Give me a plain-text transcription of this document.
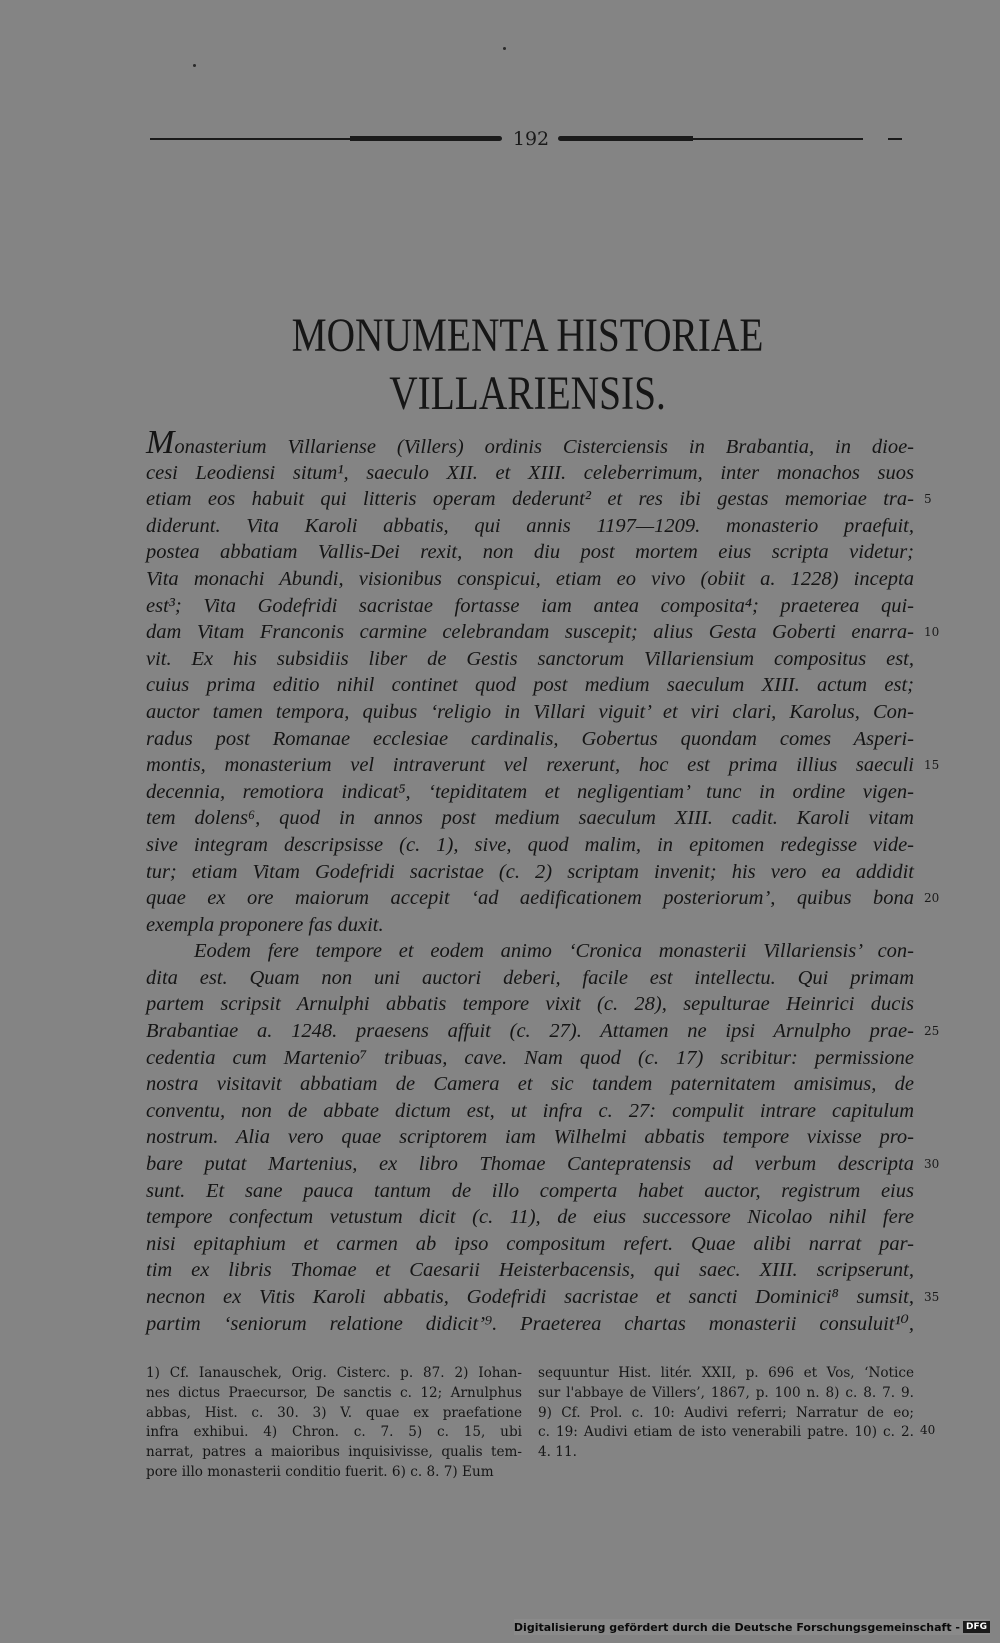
192
MONUMENTA HISTORIAE
VILLARIENSIS.
Monasterium Villariense (Villers) ordinis Cisterciensis in Brabantia, in dioe-
cesi Leodiensi situm¹, saeculo XII. et XIII. celeberrimum, inter monachos suos
etiam eos habuit qui litteris operam dederunt² et res ibi gestas memoriae tra- 5
diderunt. Vita Karoli abbatis, qui annis 1197—1209. monasterio praefuit,
postea abbatiam Vallis-Dei rexit, non diu post mortem eius scripta videtur;
Vita monachi Abundi, visionibus conspicui, etiam eo vivo (obiit a. 1228) incepta
est³; Vita Godefridi sacristae fortasse iam antea composita⁴; praeterea qui-
dam Vitam Franconis carmine celebrandam suscepit; alius Gesta Goberti enarra- 10
vit. Ex his subsidiis liber de Gestis sanctorum Villariensium compositus est,
cuius prima editio nihil continet quod post medium saeculum XIII. actum est;
auctor tamen tempora, quibus ‘religio in Villari viguit’ et viri clari, Karolus, Con-
radus post Romanae ecclesiae cardinalis, Gobertus quondam comes Asperi-
montis, monasterium vel intraverunt vel rexerunt, hoc est prima illius saeculi 15
decennia, remotiora indicat⁵, ‘tepiditatem et negligentiam’ tunc in ordine vigen-
tem dolens⁶, quod in annos post medium saeculum XIII. cadit. Karoli vitam
sive integram descripsisse (c. 1), sive, quod malim, in epitomen redegisse vide-
tur; etiam Vitam Godefridi sacristae (c. 2) scriptam invenit; his vero ea addidit
quae ex ore maiorum accepit ‘ad aedificationem posteriorum’, quibus bona 20
exempla proponere fas duxit.
Eodem fere tempore et eodem animo ‘Cronica monasterii Villariensis’ con-
dita est. Quam non uni auctori deberi, facile est intellectu. Qui primam
partem scripsit Arnulphi abbatis tempore vixit (c. 28), sepulturae Heinrici ducis
Brabantiae a. 1248. praesens affuit (c. 27). Attamen ne ipsi Arnulpho prae- 25
cedentia cum Martenio⁷ tribuas, cave. Nam quod (c. 17) scribitur: permissione
nostra visitavit abbatiam de Camera et sic tandem paternitatem amisimus, de
conventu, non de abbate dictum est, ut infra c. 27: compulit intrare capitulum
nostrum. Alia vero quae scriptorem iam Wilhelmi abbatis tempore vixisse pro-
bare putat Martenius, ex libro Thomae Cantepratensis ad verbum descripta 30
sunt. Et sane pauca tantum de illo comperta habet auctor, registrum eius
tempore confectum vetustum dicit (c. 11), de eius successore Nicolao nihil fere
nisi epitaphium et carmen ab ipso compositum refert. Quae alibi narrat par-
tim ex libris Thomae et Caesarii Heisterbacensis, qui saec. XIII. scripserunt,
necnon ex Vitis Karoli abbatis, Godefridi sacristae et sancti Dominici⁸ sumsit, 35
partim ‘seniorum relatione didicit’⁹. Praeterea chartas monasterii consuluit¹⁰,
1) Cf. Ianauschek, Orig. Cisterc. p. 87. 2) Iohan-
nes dictus Praecursor, De sanctis c. 12; Arnulphus
abbas, Hist. c. 30. 3) V. quae ex praefatione
infra exhibui. 4) Chron. c. 7. 5) c. 15, ubi
narrat, patres a maioribus inquisivisse, qualis tem-
pore illo monasterii conditio fuerit. 6) c. 8. 7) Eum
sequuntur Hist. litér. XXII, p. 696 et Vos, ‘Notice
sur l'abbaye de Villers’, 1867, p. 100 n. 8) c. 8. 7. 9.
9) Cf. Prol. c. 10: Audivi referri; Narratur de eo;
c. 19: Audivi etiam de isto venerabili patre. 10) c. 2.
4. 11.
40
Digitalisierung gefördert durch die Deutsche Forschungsgemeinschaft - DFG
